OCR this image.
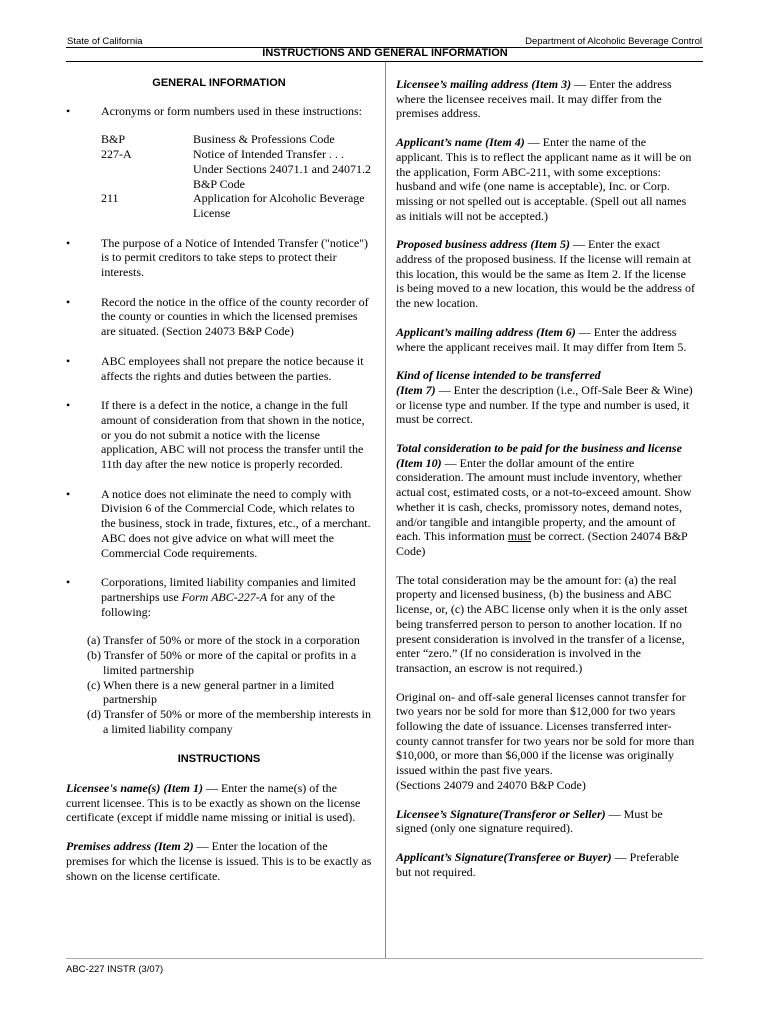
State of California	Department of Alcoholic Beverage Control
INSTRUCTIONS AND GENERAL INFORMATION
GENERAL INFORMATION
•	Acronyms or form numbers used in these instructions:
B&P	Business & Professions Code
227-A	Notice of Intended Transfer . . . Under Sections 24071.1 and 24071.2 B&P Code
211	Application for Alcoholic Beverage License
•	The purpose of a Notice of Intended Transfer ("notice") is to permit creditors to take steps to protect their interests.
•	Record the notice in the office of the county recorder of the county or counties in which the licensed premises are situated. (Section 24073 B&P Code)
•	ABC employees shall not prepare the notice because it affects the rights and duties between the parties.
•	If there is a defect in the notice, a change in the full amount of consideration from that shown in the notice, or you do not submit a notice with the license application, ABC will not process the transfer until the 11th day after the new notice is properly recorded.
•	A notice does not eliminate the need to comply with Division 6 of the Commercial Code, which relates to the business, stock in trade, fixtures, etc., of a merchant. ABC does not give advice on what will meet the Commercial Code requirements.
•	Corporations, limited liability companies and limited partnerships use Form ABC-227-A for any of the following:
(a) Transfer of 50% or more of the stock in a corporation
(b) Transfer of 50% or more of the capital or profits in a limited partnership
(c) When there is a new general partner in a limited partnership
(d) Transfer of 50% or more of the membership interests in a limited liability company
INSTRUCTIONS
Licensee's name(s) (Item 1) — Enter the name(s) of the current licensee. This is to be exactly as shown on the license certificate (except if middle name missing or initial is used).
Premises address (Item 2) — Enter the location of the premises for which the license is issued. This is to be exactly as shown on the license certificate.
Licensee’s mailing address (Item 3) — Enter the address where the licensee receives mail. It may differ from the premises address.
Applicant’s name (Item 4) — Enter the name of the applicant. This is to reflect the applicant name as it will be on the application, Form ABC-211, with some exceptions: husband and wife (one name is acceptable), Inc. or Corp. missing or not spelled out is acceptable. (Spell out all names as initials will not be accepted.)
Proposed business address (Item 5) — Enter the exact address of the proposed business. If the license will remain at this location, this would be the same as Item 2. If the license is being moved to a new location, this would be the address of the new location.
Applicant’s mailing address (Item 6) — Enter the address where the applicant receives mail. It may differ from Item 5.
Kind of license intended to be transferred
(Item 7) — Enter the description (i.e., Off-Sale Beer & Wine) or license type and number. If the type and number is used, it must be correct.
Total consideration to be paid for the business and license (Item 10) — Enter the dollar amount of the entire consideration. The amount must include inventory, whether actual cost, estimated costs, or a not-to-exceed amount. Show whether it is cash, checks, promissory notes, demand notes, and/or tangible and intangible property, and the amount of each. This information must be correct. (Section 24074 B&P Code)
The total consideration may be the amount for: (a) the real property and licensed business, (b) the business and ABC license, or, (c) the ABC license only when it is the only asset being transferred person to person to another location. If no present consideration is involved in the transfer of a license, enter “zero.” (If no consideration is involved in the transaction, an escrow is not required.)
Original on- and off-sale general licenses cannot transfer for two years nor be sold for more than $12,000 for two years following the date of issuance. Licenses transferred inter-county cannot transfer for two years nor be sold for more than $10,000, or more than $6,000 if the license was originally issued within the past five years.
(Sections 24079 and 24070 B&P Code)
Licensee’s Signature(Transferor or Seller) — Must be signed (only one signature required).
Applicant’s Signature(Transferee or Buyer) — Preferable but not required.
ABC-227 INSTR (3/07)
